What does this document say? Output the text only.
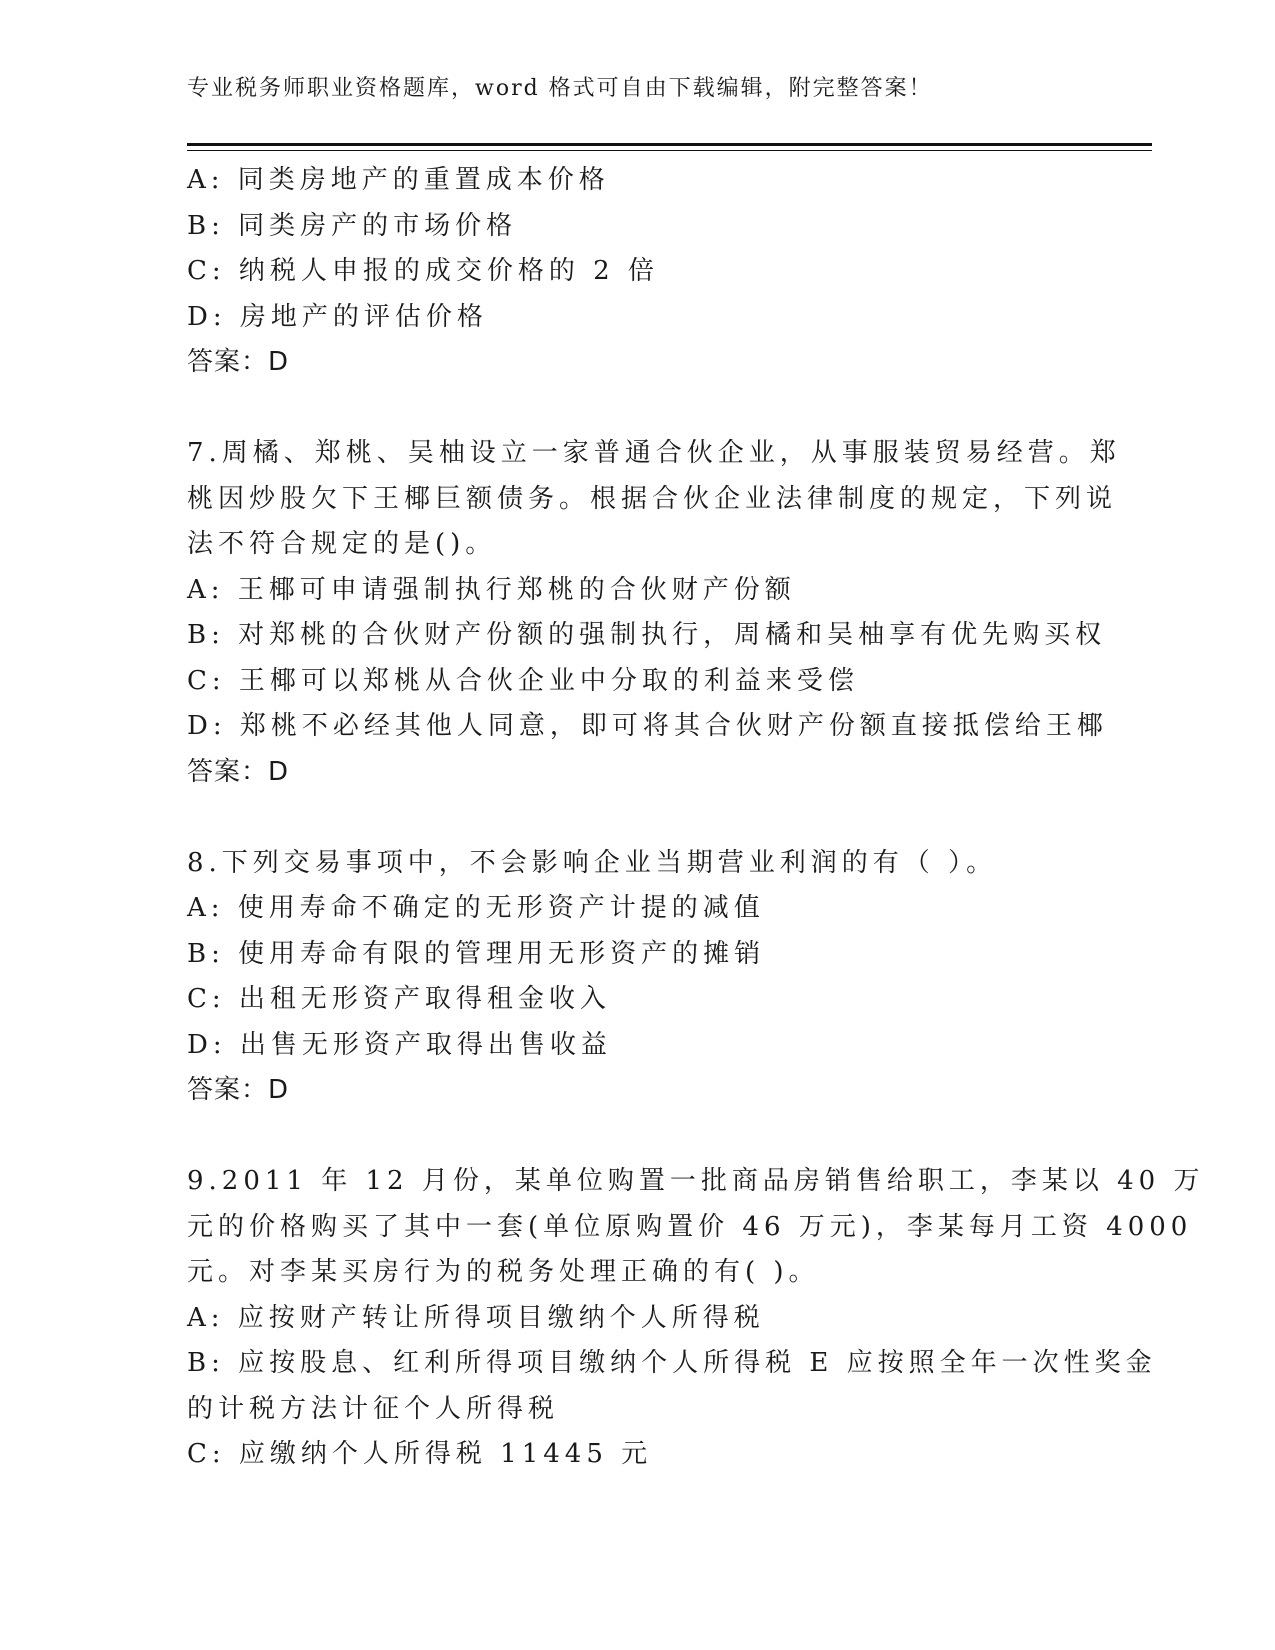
专业税务师职业资格题库，word 格式可自由下载编辑，附完整答案！
A: 同类房地产的重置成本价格
B: 同类房产的市场价格
C: 纳税人申报的成交价格的 2 倍
D: 房地产的评估价格
答案：D
7.周橘、郑桃、吴柚设立一家普通合伙企业，从事服装贸易经营。郑
桃因炒股欠下王椰巨额债务。根据合伙企业法律制度的规定，下列说
法不符合规定的是()。
A: 王椰可申请强制执行郑桃的合伙财产份额
B: 对郑桃的合伙财产份额的强制执行，周橘和吴柚享有优先购买权
C: 王椰可以郑桃从合伙企业中分取的利益来受偿
D: 郑桃不必经其他人同意，即可将其合伙财产份额直接抵偿给王椰
答案：D
8.下列交易事项中，不会影响企业当期营业利润的有（ ）。
A: 使用寿命不确定的无形资产计提的减值
B: 使用寿命有限的管理用无形资产的摊销
C: 出租无形资产取得租金收入
D: 出售无形资产取得出售收益
答案：D
9.2011 年 12 月份，某单位购置一批商品房销售给职工，李某以 40 万
元的价格购买了其中一套(单位原购置价 46 万元)，李某每月工资 4000
元。对李某买房行为的税务处理正确的有( )。
A: 应按财产转让所得项目缴纳个人所得税
B: 应按股息、红利所得项目缴纳个人所得税 E 应按照全年一次性奖金
的计税方法计征个人所得税
C: 应缴纳个人所得税 11445 元
